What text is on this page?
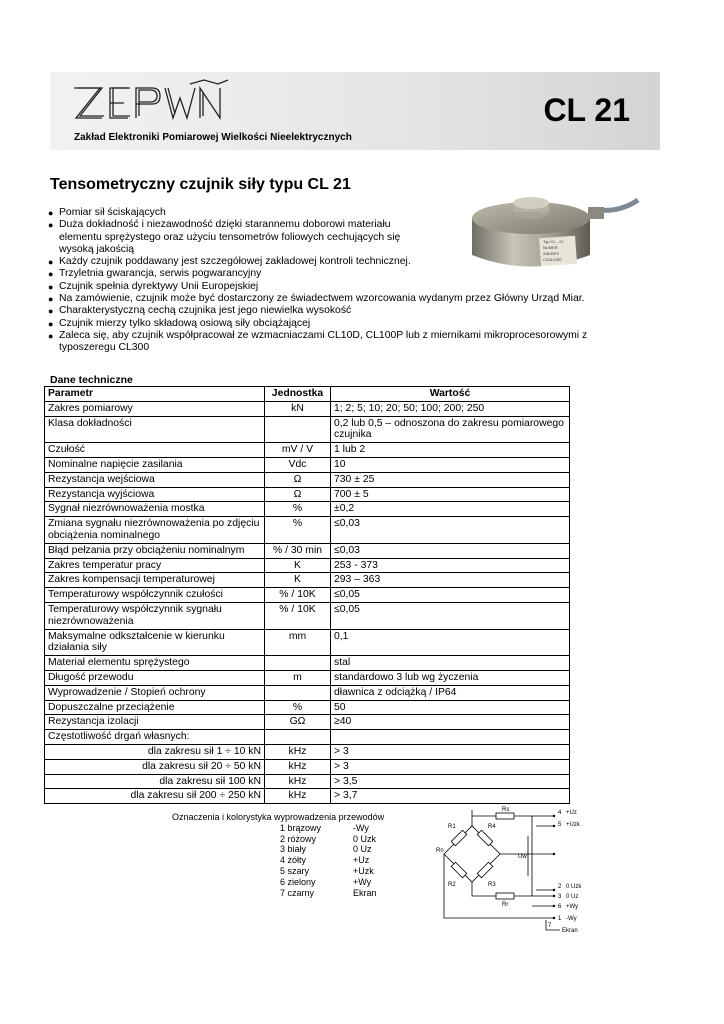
ZEPWN
Zakład Elektroniki Pomiarowej Wielkości Nieelektrycznych
CL 21
Tensometryczny czujnik siły typu CL 21
Typ CL - 21
NUMER
ZAKRES
CZUŁOŚĆ
● Pomiar sił ściskających
● Duża dokładność i niezawodność dzięki starannemu doborowi materiału elementu sprężystego oraz użyciu tensometrów foliowych cechujących się wysoką jakością
● Każdy czujnik poddawany jest szczegółowej zakładowej kontroli technicznej.
● Trzyletnia gwarancja, serwis pogwarancyjny
● Czujnik spełnia dyrektywy Unii Europejskiej
● Na zamówienie, czujnik może być dostarczony ze świadectwem wzorcowania wydanym przez Główny Urząd Miar.
● Charakterystyczną cechą czujnika jest jego niewielka wysokość
● Czujnik mierzy tylko składową osiową siły obciążającej
● Zaleca się, aby czujnik współpracował ze wzmacniaczami CL10D, CL100P lub z miernikami mikroprocesorowymi z typoszeregu CL300
Dane techniczne
Parametr	Jednostka	Wartość
Zakres pomiarowy	kN	1; 2; 5; 10; 20; 50; 100; 200; 250
Klasa dokładności		0,2 lub 0,5 – odnoszona do zakresu pomiarowego czujnika
Czułość	mV / V	1 lub 2
Nominalne napięcie zasilania	Vdc	10
Rezystancja wejściowa	Ω	730 ± 25
Rezystancja wyjściowa	Ω	700 ± 5
Sygnał niezrównoważenia mostka	%	±0,2
Zmiana sygnału niezrównoważenia po zdjęciu obciążenia nominalnego	%	≤0,03
Błąd pełzania przy obciążeniu nominalnym	% / 30 min	≤0,03
Zakres temperatur pracy	K	253 - 373
Zakres kompensacji temperaturowej	K	293 – 363
Temperaturowy współczynnik czułości	% / 10K	≤0,05
Temperaturowy współczynnik sygnału niezrównoważenia	% / 10K	≤0,05
Maksymalne odkształcenie w kierunku działania siły	mm	0,1
Materiał elementu sprężystego		stal
Długość przewodu	m	standardowo 3 lub wg życzenia
Wyprowadzenie / Stopień ochrony		dławnica z odciążką / IP64
Dopuszczalne przeciążenie	%	50
Rezystancja izolacji	GΩ	≥40
Częstotliwość drgań własnych:		
dla zakresu sił 1 ÷ 10 kN	kHz	> 3
dla zakresu sił 20 ÷ 50 kN	kHz	> 3
dla zakresu sił 100 kN	kHz	> 3,5
dla zakresu sił 200 ÷ 250 kN	kHz	> 3,7
Oznaczenia i kolorystyka wyprowadzenia przewodów
1 brązowy	-Wy
2 różowy	0 Uzk
3 biały	0 Uz
4 żółty	+Uz
5 szary	+Uzk
6 zielony	+Wy
7 czarny	Ekran
Rs
R1	R4
R2	R3
Rn
Rr
Uw
4 +Uz
5 +Uzk
2 0 Uzk
3 0 Uz
6 +Wy
1 -Wy
7
Ekran
